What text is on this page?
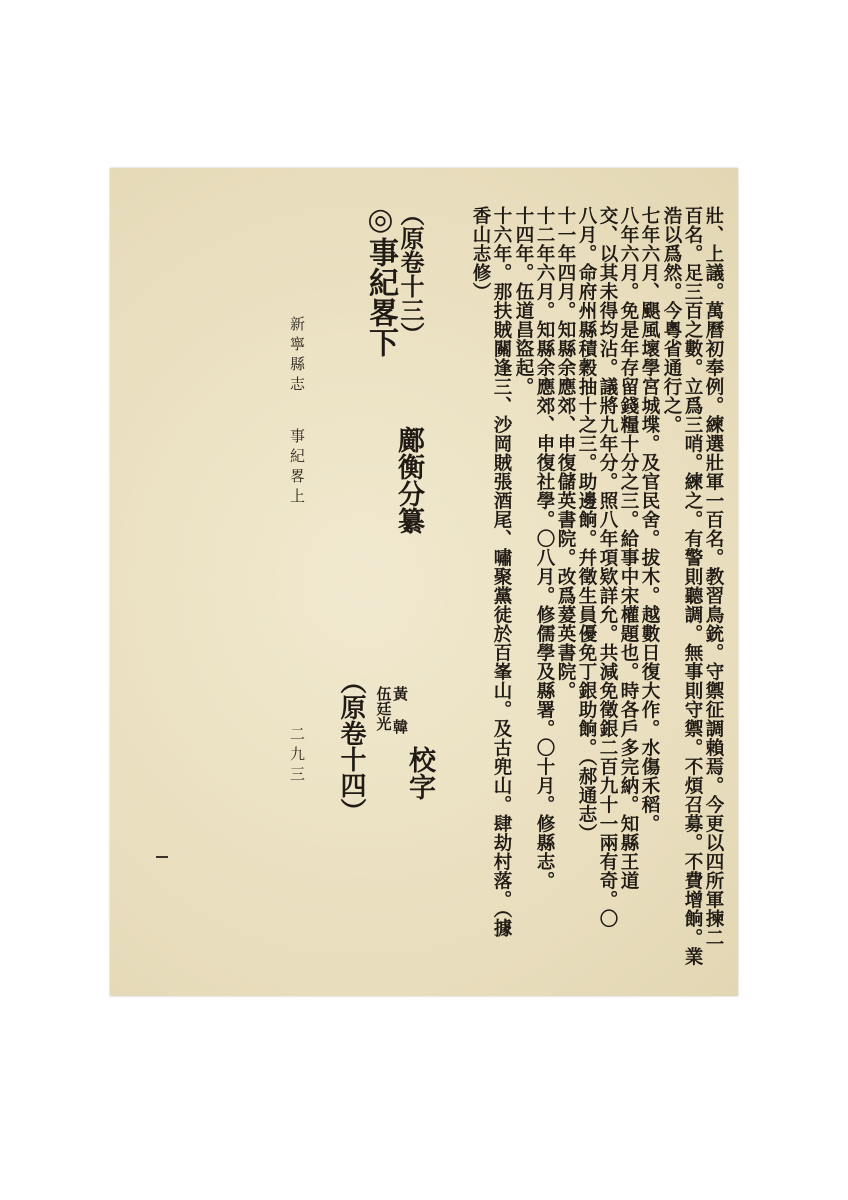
壯、上議。萬曆初奉例。練選壯軍一百名。教習鳥銃。守禦征調賴焉。今更以四所軍揀二

百名。足三百之數。立爲三哨。練之。有警則聽調。無事則守禦。不煩召募。不費增餉。業

浩以爲然。今粵省通行之。

七年六月、颶風壞學宮城堞。及官民舍。拔木。越數日復大作。水傷禾稻。

八年六月。免是年存留錢糧十分之三。給事中宋權題也。時各戶多完納。知縣王道

交、以其未得均沾。議將九年分。照八年項欵詳允。共減免徵銀二百九十一兩有奇。〇

八月。命府州縣積穀抽十之三。助邊餉。幷徵生員優免丁銀助餉。（郝通志）

十一年四月。知縣余應郊、申復儲英書院。改爲萲英書院。

十二年六月。知縣余應郊、申復社學。〇八月。修儒學及縣署。〇十月。修縣志。

十四年。伍道昌盜起。

十六年。那扶賊關逢三、沙岡賊張酒尾、嘯聚黨徒於百峯山。及古兜山。肆劫村落。（據

香山志修）

（原卷十三）

◎事紀畧下

鄺衡分纂

（原卷十四） 黃 韓
伍廷光

校字

新寧縣志事紀畧上

二九三
